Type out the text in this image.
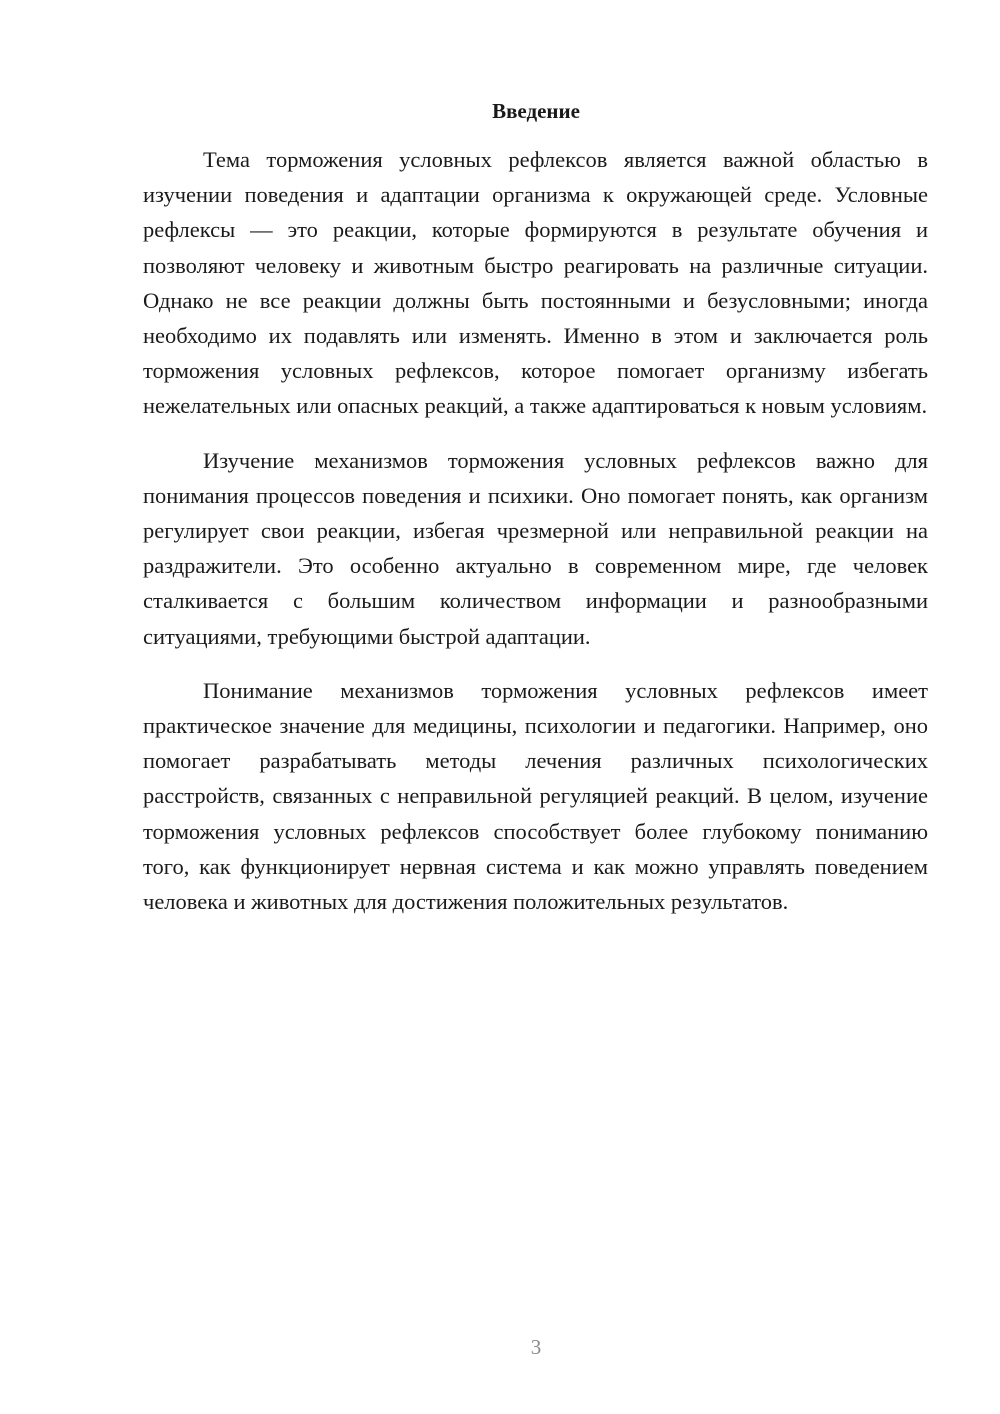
Введение

Тема торможения условных рефлексов является важной областью в изучении поведения и адаптации организма к окружающей среде. Условные рефлексы — это реакции, которые формируются в результате обучения и позволяют человеку и животным быстро реагировать на различные ситуации. Однако не все реакции должны быть постоянными и безусловными; иногда необходимо их подавлять или изменять. Именно в этом и заключается роль торможения условных рефлексов, которое помогает организму избегать нежелательных или опасных реакций, а также адаптироваться к новым условиям.

Изучение механизмов торможения условных рефлексов важно для понимания процессов поведения и психики. Оно помогает понять, как организм регулирует свои реакции, избегая чрезмерной или неправильной реакции на раздражители. Это особенно актуально в современном мире, где человек сталкивается с большим количеством информации и разнообразными ситуациями, требующими быстрой адаптации.

Понимание механизмов торможения условных рефлексов имеет практическое значение для медицины, психологии и педагогики. Например, оно помогает разрабатывать методы лечения различных психологических расстройств, связанных с неправильной регуляцией реакций. В целом, изучение торможения условных рефлексов способствует более глубокому пониманию того, как функционирует нервная система и как можно управлять поведением человека и животных для достижения положительных результатов.

3
